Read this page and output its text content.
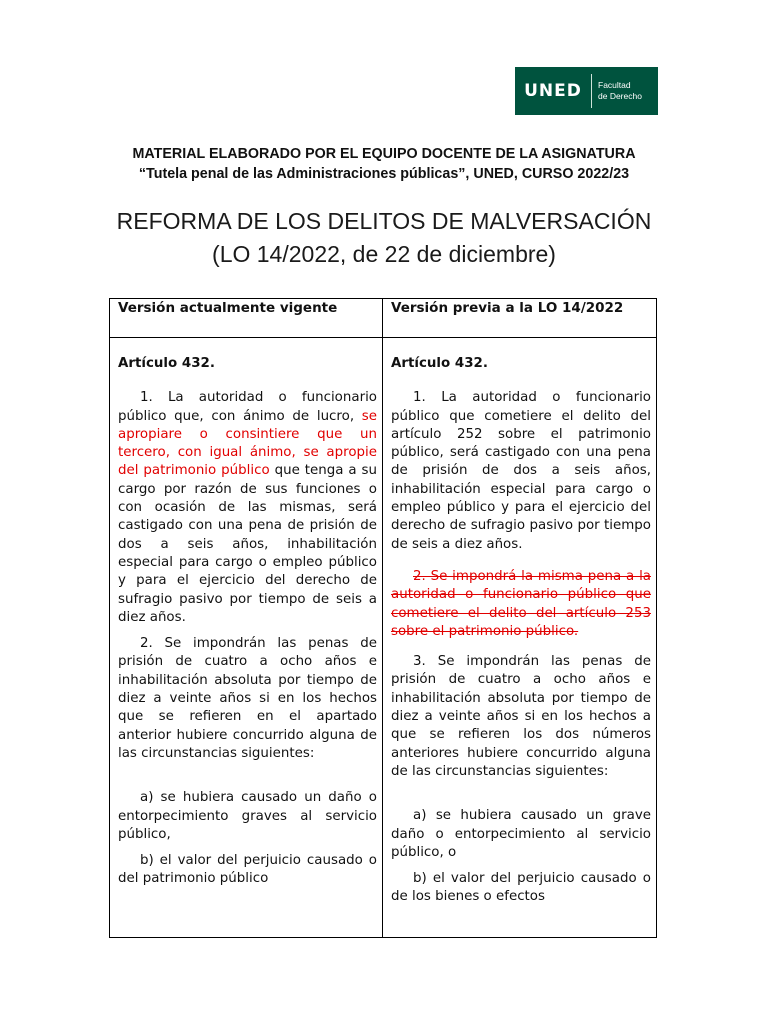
UNED	Facultad
de Derecho
MATERIAL ELABORADO POR EL EQUIPO DOCENTE DE LA ASIGNATURA
“Tutela penal de las Administraciones públicas”, UNED, CURSO 2022/23
REFORMA DE LOS DELITOS DE MALVERSACIÓN
(LO 14/2022, de 22 de diciembre)
Versión actualmente vigente	Versión previa a la LO 14/2022
Artículo 432.

1. La autoridad o funcionario público que, con ánimo de lucro, se apropiare o consintiere que un tercero, con igual ánimo, se apropie del patrimonio público que tenga a su cargo por razón de sus funciones o con ocasión de las mismas, será castigado con una pena de prisión de dos a seis años, inhabilitación especial para cargo o empleo público y para el ejercicio del derecho de sufragio pasivo por tiempo de seis a diez años.

2. Se impondrán las penas de prisión de cuatro a ocho años e inhabilitación absoluta por tiempo de diez a veinte años si en los hechos que se refieren en el apartado anterior hubiere concurrido alguna de las circunstancias siguientes:

a) se hubiera causado un daño o entorpecimiento graves al servicio público,

b) el valor del perjuicio causado o del patrimonio público

Artículo 432.

1. La autoridad o funcionario público que cometiere el delito del artículo 252 sobre el patrimonio público, será castigado con una pena de prisión de dos a seis años, inhabilitación especial para cargo o empleo público y para el ejercicio del derecho de sufragio pasivo por tiempo de seis a diez años.

2. Se impondrá la misma pena a la autoridad o funcionario público que cometiere el delito del artículo 253 sobre el patrimonio público.

3. Se impondrán las penas de prisión de cuatro a ocho años e inhabilitación absoluta por tiempo de diez a veinte años si en los hechos a que se refieren los dos números anteriores hubiere concurrido alguna de las circunstancias siguientes:

a) se hubiera causado un grave daño o entorpecimiento al servicio público, o

b) el valor del perjuicio causado o de los bienes o efectos
